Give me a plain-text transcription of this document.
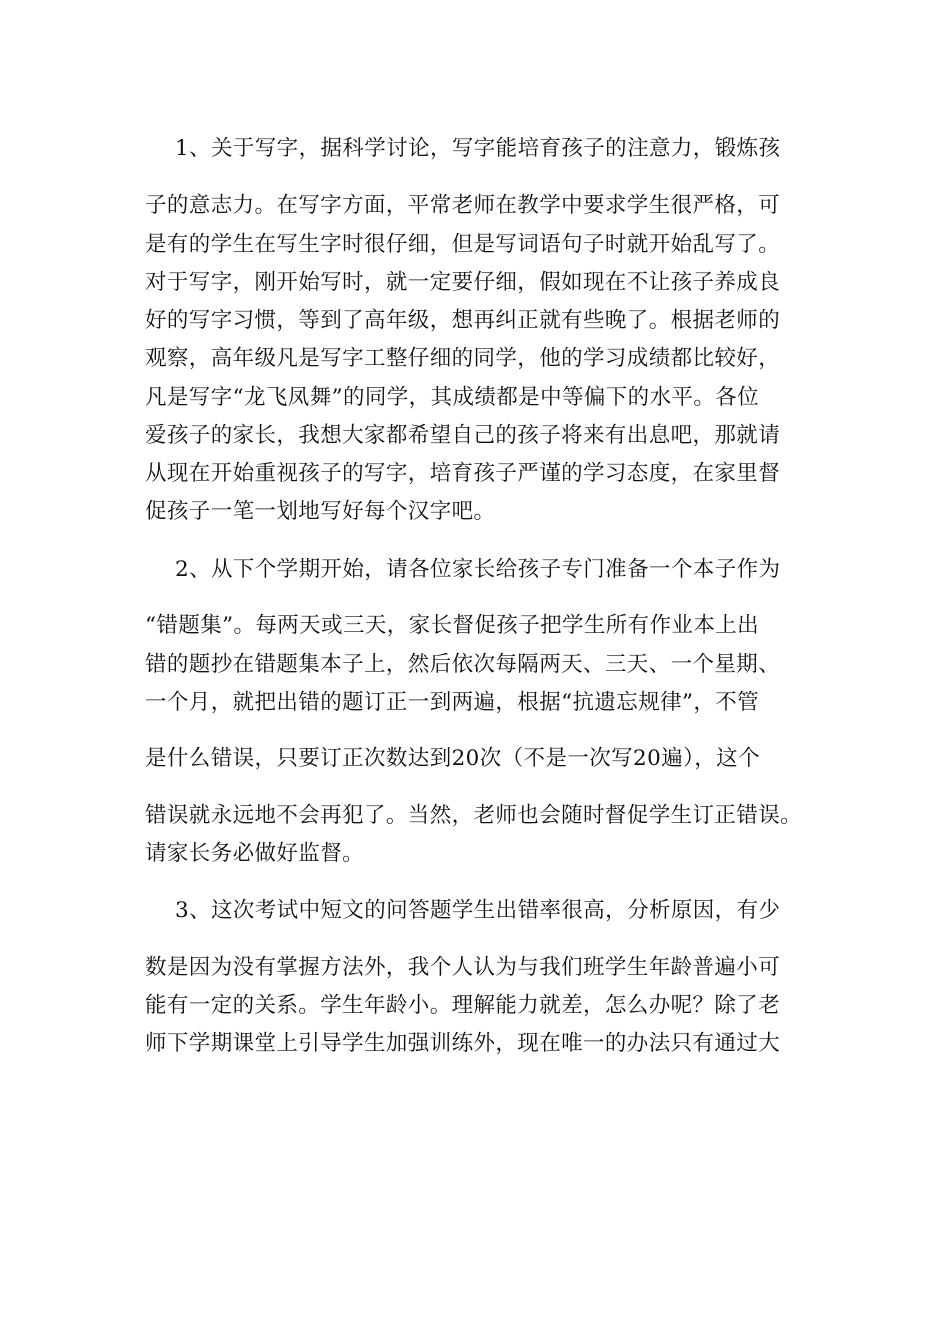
1、关于写字，据科学讨论，写字能培育孩子的注意力，锻炼孩
子的意志力。在写字方面，平常老师在教学中要求学生很严格，可
是有的学生在写生字时很仔细，但是写词语句子时就开始乱写了。
对于写字，刚开始写时，就一定要仔细，假如现在不让孩子养成良
好的写字习惯，等到了高年级，想再纠正就有些晚了。根据老师的
观察，高年级凡是写字工整仔细的同学，他的学习成绩都比较好，
凡是写字“龙飞凤舞”的同学，其成绩都是中等偏下的水平。各位
爱孩子的家长，我想大家都希望自己的孩子将来有出息吧，那就请
从现在开始重视孩子的写字，培育孩子严谨的学习态度，在家里督
促孩子一笔一划地写好每个汉字吧。
2、从下个学期开始，请各位家长给孩子专门准备一个本子作为
“错题集”。每两天或三天，家长督促孩子把学生所有作业本上出
错的题抄在错题集本子上，然后依次每隔两天、三天、一个星期、
一个月，就把出错的题订正一到两遍，根据“抗遗忘规律”，不管
是什么错误，只要订正次数达到20次（不是一次写20遍），这个
错误就永远地不会再犯了。当然，老师也会随时督促学生订正错误。
请家长务必做好监督。
3、这次考试中短文的问答题学生出错率很高，分析原因，有少
数是因为没有掌握方法外，我个人认为与我们班学生年龄普遍小可
能有一定的关系。学生年龄小。理解能力就差，怎么办呢？除了老
师下学期课堂上引导学生加强训练外，现在唯一的办法只有通过大
